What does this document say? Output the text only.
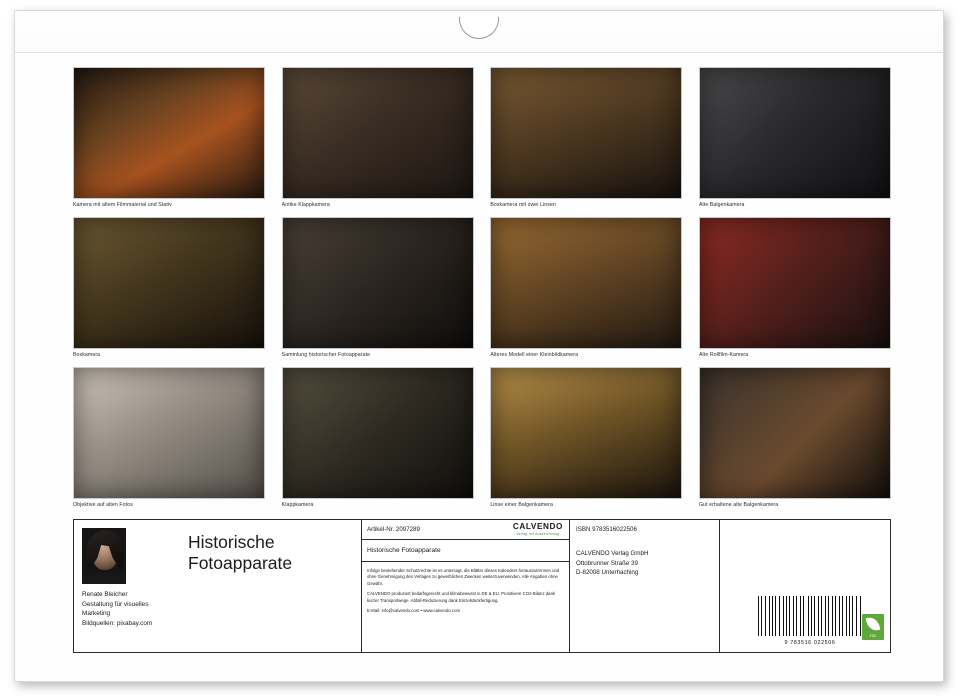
Kamera mit altem Filmmaterial und Stativ	Antike Klappkamera	Boxkamera mit zwei Linsen	Alte Balgenkamera
Boxkamera	Sammlung historischer Fotoapparate	Älteres Modell einer Kleinbildkamera	Alte Rollfilm-Kamera
Objektive auf alten Fotos	Klappkamera	Linse einer Balgenkamera	Gut erhaltene alte Balgenkamera
Historische
Fotoapparate
Renate Bleicher
Gestaltung für visuelles
Marketing
Bildquellen: pixabay.com
Artikel-Nr. 2097289	CALVENDO
Verlag mit Auszeichnung
Historische Fotoapparate

Infolge bestehender Schutzrechte ist es untersagt, die Blätter dieses Kalenders herauszutrennen und ohne Genehmigung des Verlages zu gewerblichen Zwecken weiterzuverwenden. Alle Angaben ohne Gewähr.

CALVENDO produziert bedarfsgerecht und klimabewusst in DE & EU. Prositivere CO2-Bilanz dank kurzer Transportwege. Abfall-Reduzierung dank Einzelstückfertigung.

E-Mail: info@calvendo.com • www.calvendo.com

ISBN 9783516022506
CALVENDO Verlag GmbH
Ottobrunner Straße 39
D-82008 Unterhaching
9 783516 022506
FSC
